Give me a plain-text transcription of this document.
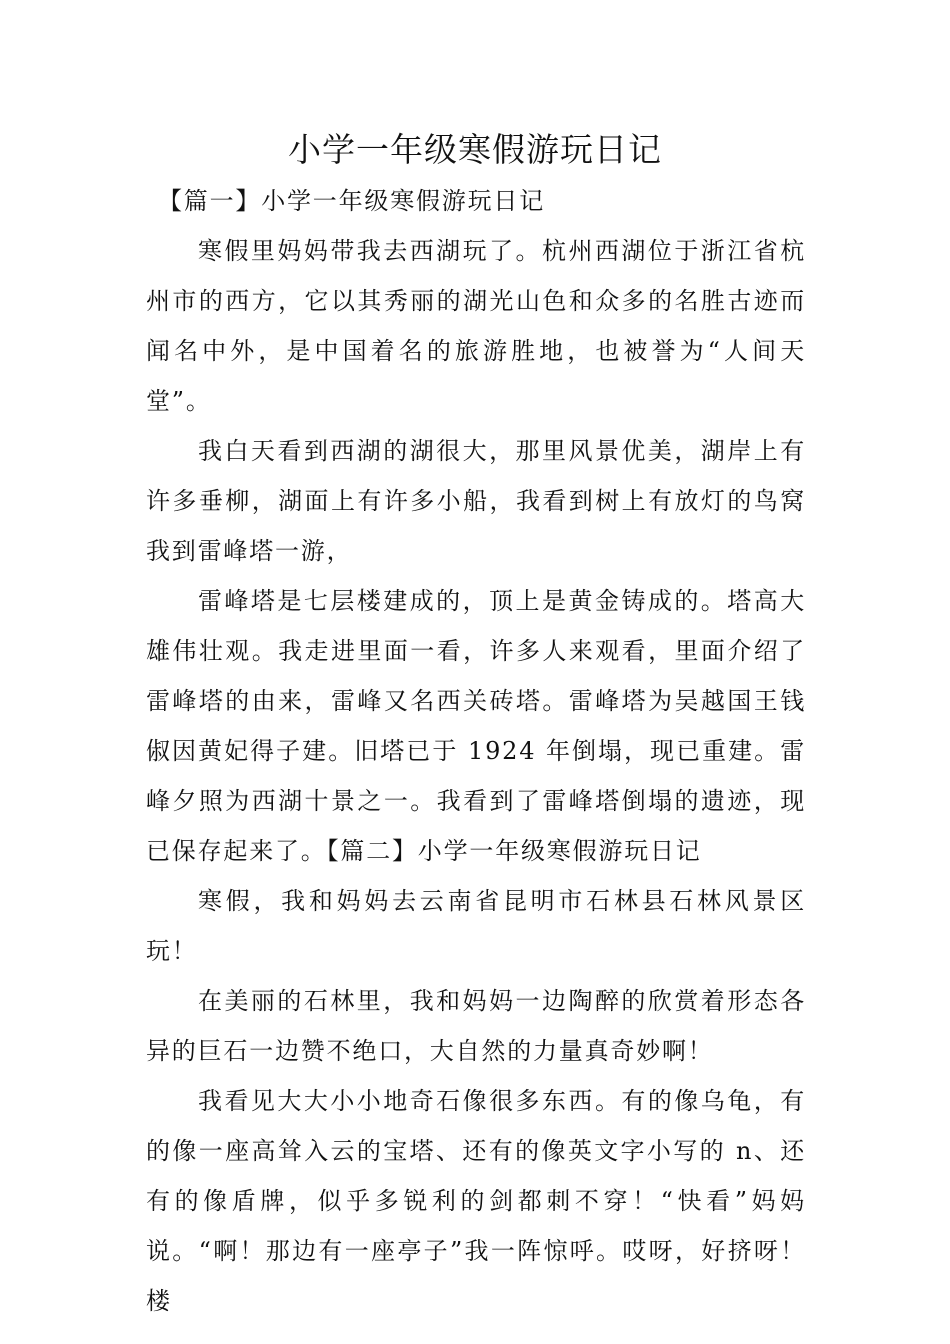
小学一年级寒假游玩日记

【篇一】小学一年级寒假游玩日记

寒假里妈妈带我去西湖玩了。杭州西湖位于浙江省杭州市的西方，它以其秀丽的湖光山色和众多的名胜古迹而闻名中外，是中国着名的旅游胜地，也被誉为“人间天堂”。

我白天看到西湖的湖很大，那里风景优美，湖岸上有许多垂柳，湖面上有许多小船，我看到树上有放灯的鸟窝我到雷峰塔一游，

雷峰塔是七层楼建成的，顶上是黄金铸成的。塔高大雄伟壮观。我走进里面一看，许多人来观看，里面介绍了雷峰塔的由来，雷峰又名西关砖塔。雷峰塔为吴越国王钱俶因黄妃得子建。旧塔已于 1924 年倒塌，现已重建。雷峰夕照为西湖十景之一。我看到了雷峰塔倒塌的遗迹，现已保存起来了。【篇二】小学一年级寒假游玩日记

寒假，我和妈妈去云南省昆明市石林县石林风景区玩！

在美丽的石林里，我和妈妈一边陶醉的欣赏着形态各异的巨石一边赞不绝口，大自然的力量真奇妙啊！

我看见大大小小地奇石像很多东西。有的像乌龟，有的像一座高耸入云的宝塔、还有的像英文字小写的 n、还有的像盾牌，似乎多锐利的剑都刺不穿！“快看”妈妈说。“啊！那边有一座亭子”我一阵惊呼。哎呀，好挤呀！楼
